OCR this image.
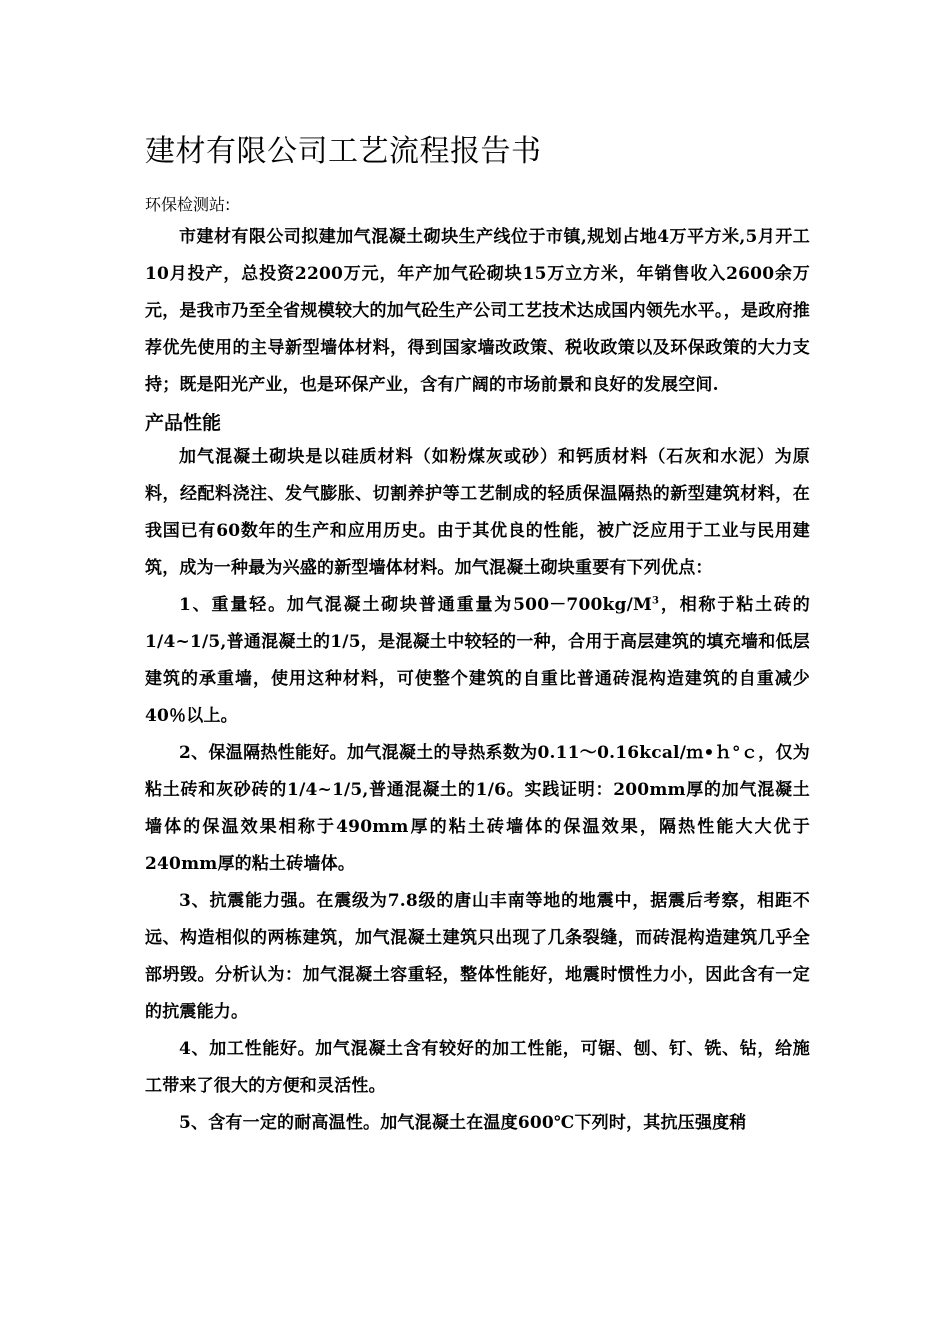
建材有限公司工艺流程报告书
环保检测站:

市建材有限公司拟建加气混凝土砌块生产线位于市镇,规划占地4万平方米,5月开工10月投产，总投资2200万元，年产加气砼砌块15万立方米，年销售收入2600余万元，是我市乃至全省规模较大的加气砼生产公司工艺技术达成国内领先水平。，是政府推荐优先使用的主导新型墙体材料，得到国家墙改政策、税收政策以及环保政策的大力支持；既是阳光产业，也是环保产业，含有广阔的市场前景和良好的发展空间.

产品性能

加气混凝土砌块是以硅质材料（如粉煤灰或砂）和钙质材料（石灰和水泥）为原料，经配料浇注、发气膨胀、切割养护等工艺制成的轻质保温隔热的新型建筑材料，在我国已有60数年的生产和应用历史。由于其优良的性能，被广泛应用于工业与民用建筑，成为一种最为兴盛的新型墙体材料。加气混凝土砌块重要有下列优点：

1、重量轻。加气混凝土砌块普通重量为$500-700kg/M^3$，相称于粘土砖的1/4~1/5,普通混凝土的1/5，是混凝土中较轻的一种，合用于高层建筑的填充墙和低层建筑的承重墙，使用这种材料，可使整个建筑的自重比普通砖混构造建筑的自重减少40％以上。

2、保温隔热性能好。加气混凝土的导热系数为0.11～0.16kcal/ｍ•ｈ°ｃ，仅为粘土砖和灰砂砖的1/4~1/5,普通混凝土的1/6。实践证明：200mm厚的加气混凝土墙体的保温效果相称于490mm厚的粘土砖墙体的保温效果，隔热性能大大优于240mm厚的粘土砖墙体。

3、抗震能力强。在震级为7.8级的唐山丰南等地的地震中，据震后考察，相距不远、构造相似的两栋建筑，加气混凝土建筑只出现了几条裂缝，而砖混构造建筑几乎全部坍毁。分析认为：加气混凝土容重轻，整体性能好，地震时惯性力小，因此含有一定的抗震能力。

4、加工性能好。加气混凝土含有较好的加工性能，可锯、刨、钉、铣、钻，给施工带来了很大的方便和灵活性。

5、含有一定的耐高温性。加气混凝土在温度600℃下列时，其抗压强度稍
